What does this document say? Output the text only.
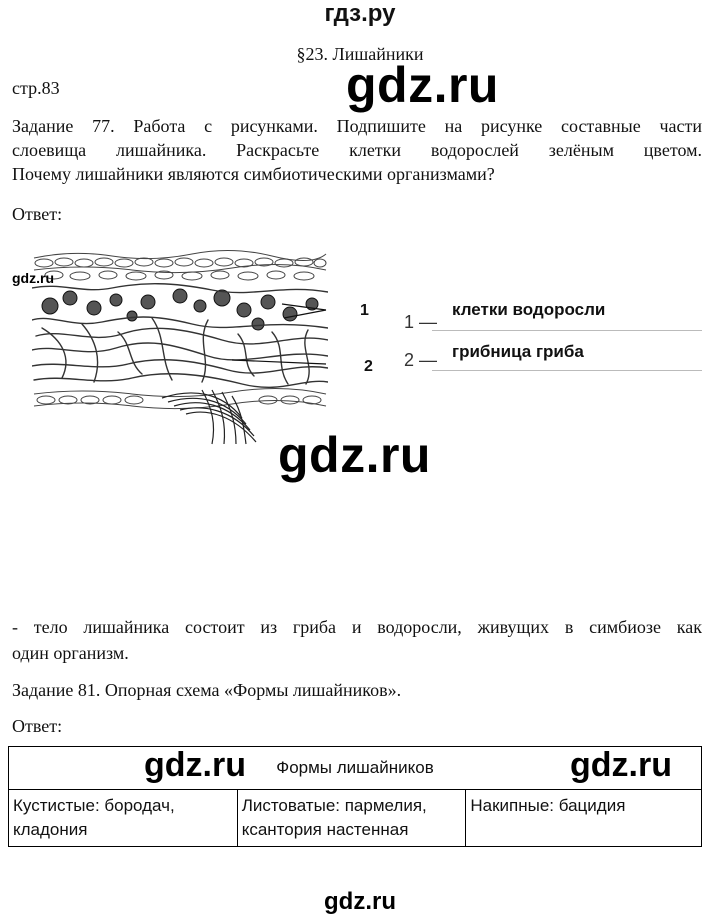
гдз.ру
§23. Лишайники
стр.83	gdz.ru
Задание 77. Работа с рисунками. Подпишите на рисунке составные части
слоевища лишайника. Раскрасьте клетки водорослей зелёным цветом.
Почему лишайники являются симбиотическими организмами?
Ответ:
1
2
1 —
клетки водоросли
2 — грибница гриба
gdz.ru
- тело лишайника состоит из гриба и водоросли, живущих в симбиозе как
один организм.
Задание 81. Опорная схема «Формы лишайников».
Ответ:
Формы лишайников
Кустистые: бородач,
кладония	Листоватые: пармелия,
ксантория настенная	Накипные: бацидия
gdz.ru	gdz.ru
gdz.ru
gdz.ru
